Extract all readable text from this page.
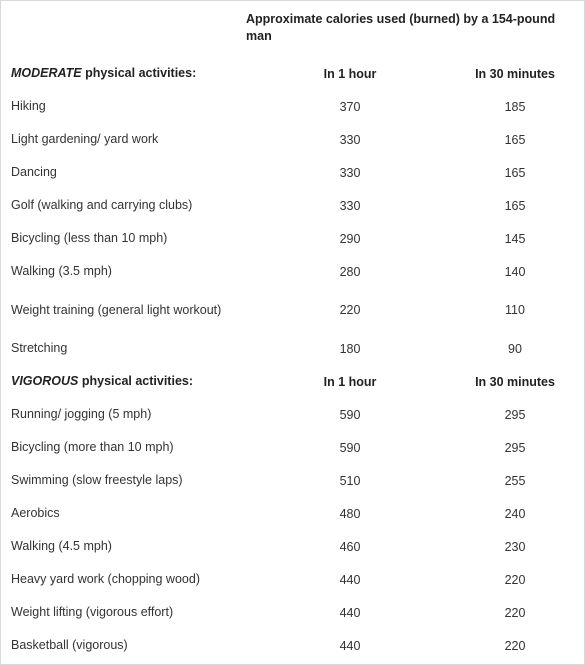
	Approximate calories used (burned) by a 154-pound man	
MODERATE physical activities:	In 1 hour	In 30 minutes
Hiking	370	185
Light gardening/ yard work	330	165
Dancing	330	165
Golf (walking and carrying clubs)	330	165
Bicycling (less than 10 mph)	290	145
Walking (3.5 mph)	280	140
Weight training (general light workout)	220	110
Stretching	180	90
VIGOROUS physical activities:	In 1 hour	In 30 minutes
Running/ jogging (5 mph)	590	295
Bicycling (more than 10 mph)	590	295
Swimming (slow freestyle laps)	510	255
Aerobics	480	240
Walking (4.5 mph)	460	230
Heavy yard work (chopping wood)	440	220
Weight lifting (vigorous effort)	440	220
Basketball (vigorous)	440	220
